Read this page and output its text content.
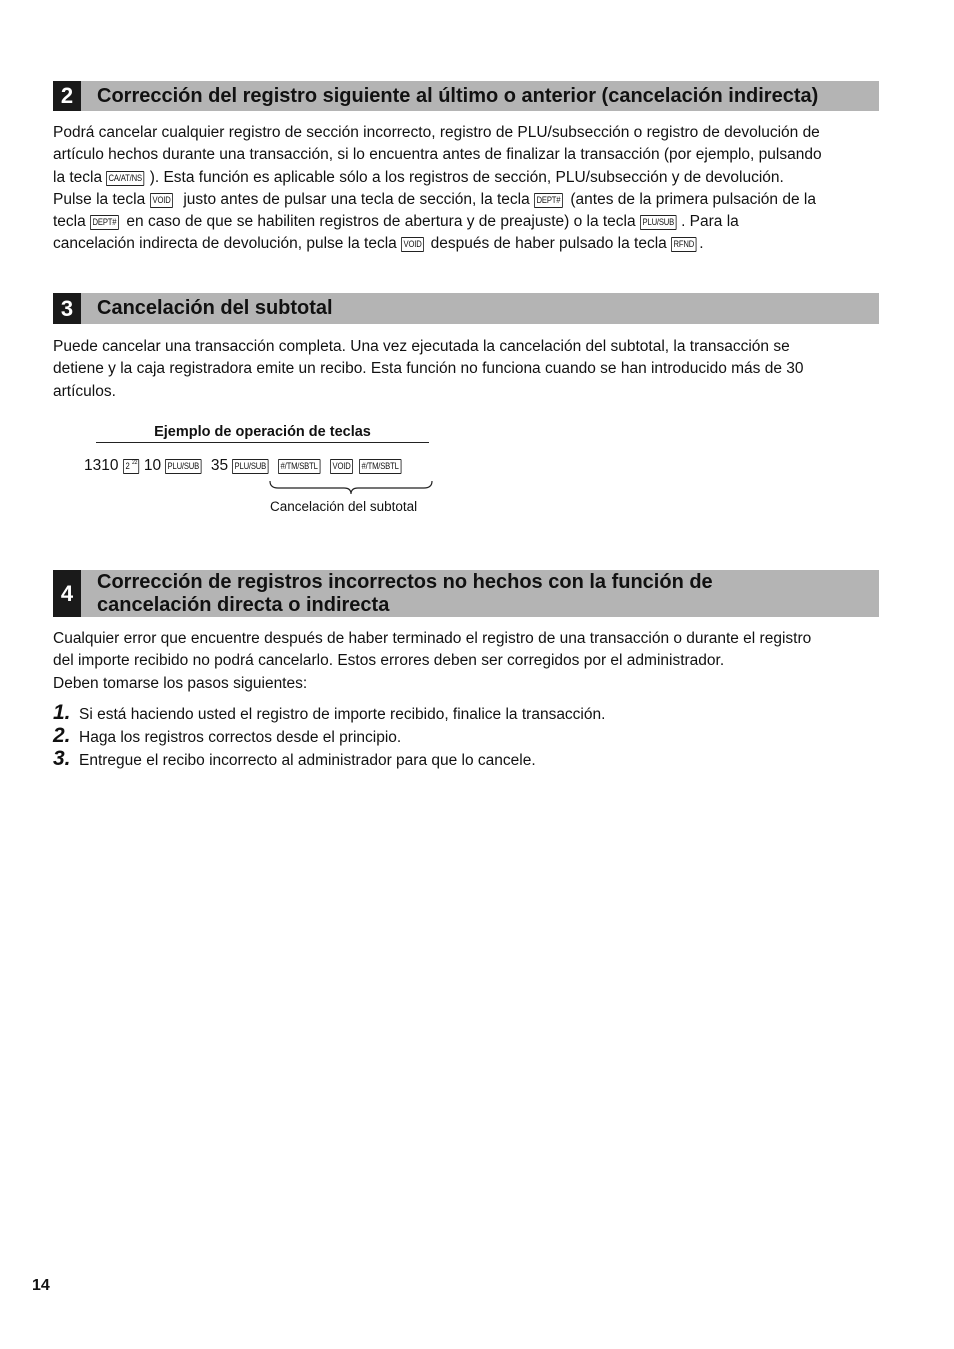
2	Corrección del registro siguiente al último o anterior (cancelación indirecta)
Podrá cancelar cualquier registro de sección incorrecto, registro de PLU/subsección o registro de devolución de
artículo hechos durante una transacción, si lo encuentra antes de finalizar la transacción (por ejemplo, pulsando
la tecla CA/AT/NS ). Esta función es aplicable sólo a los registros de sección, PLU/subsección y de devolución.
Pulse la tecla VOID justo antes de pulsar una tecla de sección, la tecla DEPT# (antes de la primera pulsación de la
tecla DEPT# en caso de que se habiliten registros de abertura y de preajuste) o la tecla PLU/SUB . Para la
cancelación indirecta de devolución, pulse la tecla VOID después de haber pulsado la tecla RFND .
3	Cancelación del subtotal
Puede cancelar una transacción completa. Una vez ejecutada la cancelación del subtotal, la transacción se
detiene y la caja registradora emite un recibo. Esta función no funciona cuando se han introducido más de 30
artículos.
Ejemplo de operación de teclas
1310 2 22 10 PLU/SUB 35 PLU/SUB #/TM/SBTL VOID #/TM/SBTL
Cancelación del subtotal
4	Corrección de registros incorrectos no hechos con la función de
cancelación directa o indirecta
Cualquier error que encuentre después de haber terminado el registro de una transacción o durante el registro
del importe recibido no podrá cancelarlo. Estos errores deben ser corregidos por el administrador.
Deben tomarse los pasos siguientes:
1. Si está haciendo usted el registro de importe recibido, finalice la transacción.
2. Haga los registros correctos desde el principio.
3. Entregue el recibo incorrecto al administrador para que lo cancele.
14
